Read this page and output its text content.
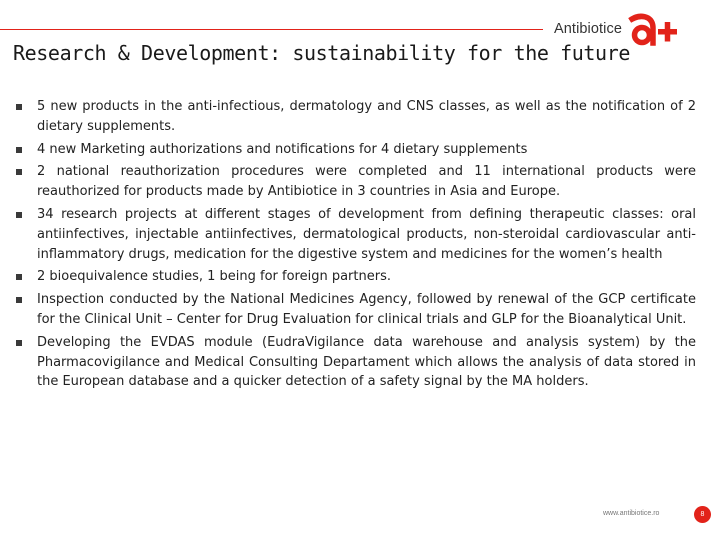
Antibiotice
Research & Development: sustainability for the future
5 new products in the anti-infectious, dermatology and CNS classes, as well as the notification of 2 dietary supplements.
4 new Marketing authorizations and notifications for 4 dietary supplements
2 national reauthorization procedures were completed and 11 international products were reauthorized for products made by Antibiotice in 3 countries in Asia and Europe.
34 research projects at different stages of development from defining therapeutic classes: oral antiinfectives, injectable antiinfectives, dermatological products, non-steroidal cardiovascular anti-inflammatory drugs, medication for the digestive system and medicines for the women’s health
2 bioequivalence studies, 1 being for foreign partners.
Inspection conducted by the National Medicines Agency, followed by renewal of the GCP certificate for the Clinical Unit – Center for Drug Evaluation for clinical trials and GLP for the Bioanalytical Unit.
Developing the EVDAS module (EudraVigilance data warehouse and analysis system) by the Pharmacovigilance and Medical Consulting Departament which allows the analysis of data stored in the European database and a quicker detection of a safety signal by the MA holders.
www.antibiotice.ro	8
